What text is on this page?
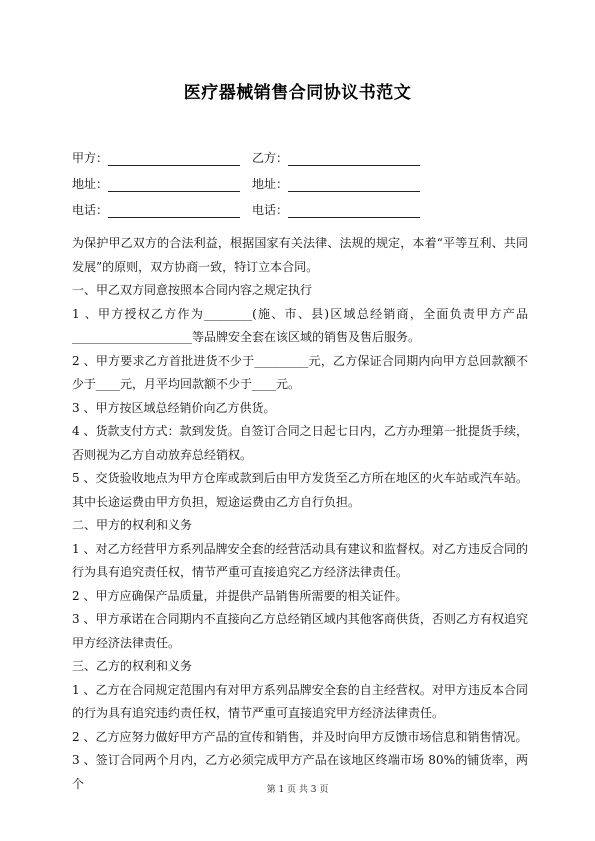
医疗器械销售合同协议书范文
甲方：	乙方：
地址：	地址：
电话：	电话：

为保护甲乙双方的合法利益，根据国家有关法律、法规的规定，本着“平等互利、共同发展”的原则，双方协商一致，特订立本合同。

一、甲乙双方同意按照本合同内容之规定执行

1 、甲方授权乙方作为________(施、市、县)区域总经销商，全面负责甲方产品____________________等品牌安全套在该区域的销售及售后服务。

2 、甲方要求乙方首批进货不少于_________元，乙方保证合同期内向甲方总回款额不少于____元，月平均回款额不少于____元。

3 、甲方按区域总经销价向乙方供货。

4 、货款支付方式：款到发货。自签订合同之日起七日内，乙方办理第一批提货手续，否则视为乙方自动放弃总经销权。

5 、交货验收地点为甲方仓库或款到后由甲方发货至乙方所在地区的火车站或汽车站。其中长途运费由甲方负担，短途运费由乙方自行负担。

二、甲方的权利和义务

1 、对乙方经营甲方系列品牌安全套的经营活动具有建议和监督权。对乙方违反合同的行为具有追究责任权，情节严重可直接追究乙方经济法律责任。

2 、甲方应确保产品质量，并提供产品销售所需要的相关证件。

3 、甲方承诺在合同期内不直接向乙方总经销区域内其他客商供货，否则乙方有权追究甲方经济法律责任。

三、乙方的权利和义务

1 、乙方在合同规定范围内有对甲方系列品牌安全套的自主经营权。对甲方违反本合同的行为具有追究违约责任权，情节严重可直接追究甲方经济法律责任。

2 、乙方应努力做好甲方产品的宣传和销售，并及时向甲方反馈市场信息和销售情况。

3 、签订合同两个月内，乙方必须完成甲方产品在该地区终端市场 80%的铺货率，两个	第 1 页 共 3 页
